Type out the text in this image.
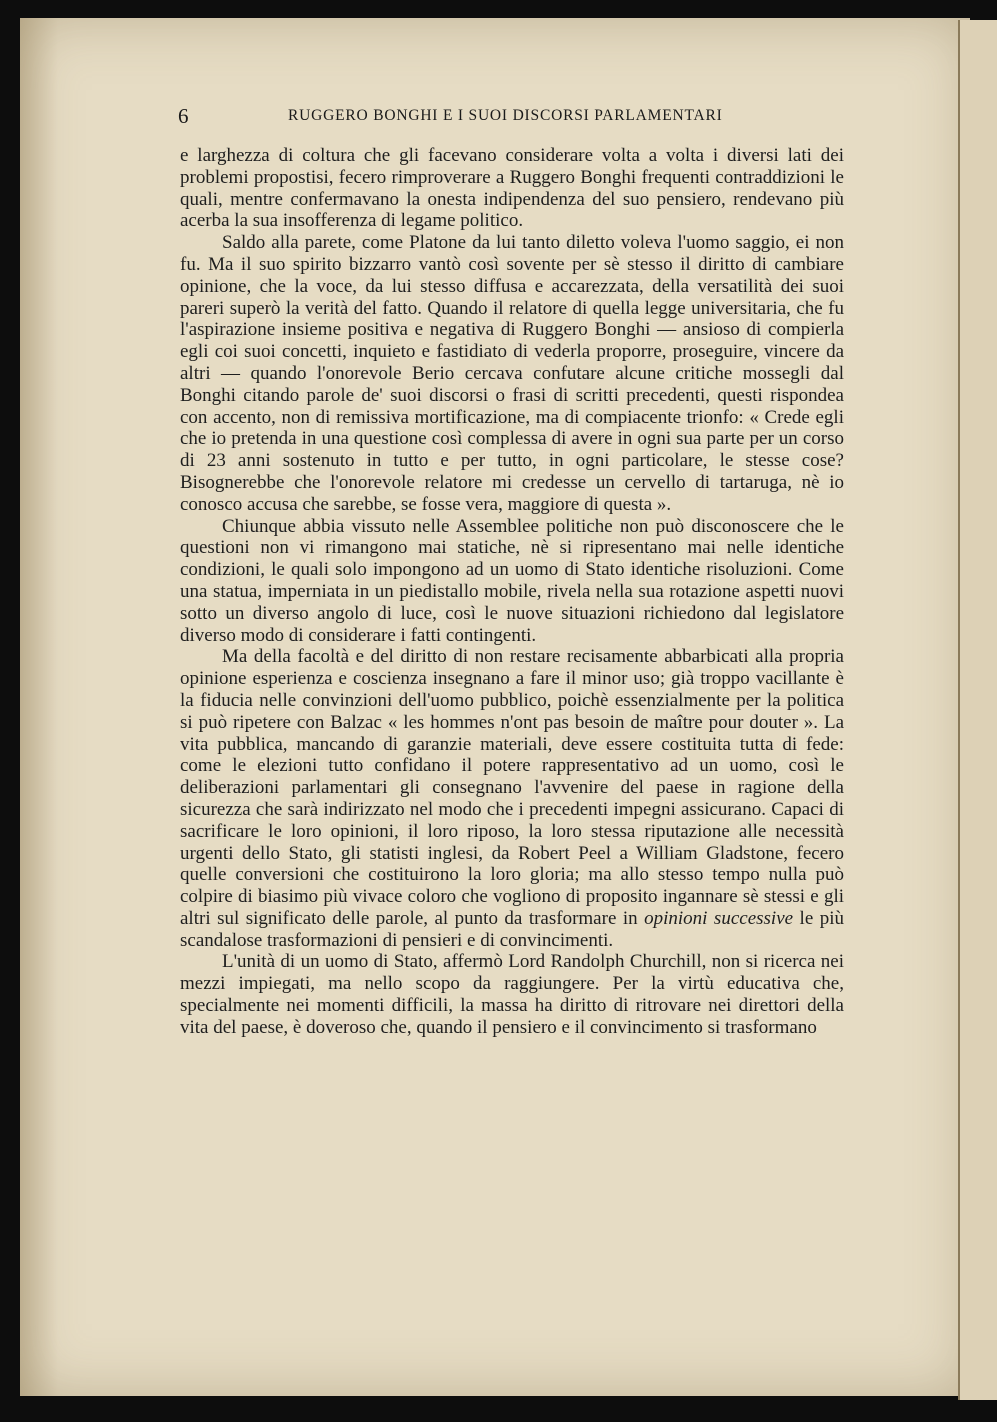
6	RUGGERO BONGHI E I SUOI DISCORSI PARLAMENTARI

e larghezza di coltura che gli facevano considerare volta a volta i diversi lati dei problemi propostisi, fecero rimproverare a Ruggero Bonghi frequenti contraddizioni le quali, mentre confermavano la onesta indipendenza del suo pensiero, rendevano più acerba la sua insofferenza di legame politico.

Saldo alla parete, come Platone da lui tanto diletto voleva l'uomo saggio, ei non fu. Ma il suo spirito bizzarro vantò così sovente per sè stesso il diritto di cambiare opinione, che la voce, da lui stesso diffusa e accarezzata, della versatilità dei suoi pareri superò la verità del fatto. Quando il relatore di quella legge universitaria, che fu l'aspirazione insieme positiva e negativa di Ruggero Bonghi — ansioso di compierla egli coi suoi concetti, inquieto e fastidiato di vederla proporre, proseguire, vincere da altri — quando l'onorevole Berio cercava confutare alcune critiche mossegli dal Bonghi citando parole de' suoi discorsi o frasi di scritti precedenti, questi rispondea con accento, non di remissiva mortificazione, ma di compiacente trionfo: « Crede egli che io pretenda in una questione così complessa di avere in ogni sua parte per un corso di 23 anni sostenuto in tutto e per tutto, in ogni particolare, le stesse cose? Bisognerebbe che l'onorevole relatore mi credesse un cervello di tartaruga, nè io conosco accusa che sarebbe, se fosse vera, maggiore di questa ».

Chiunque abbia vissuto nelle Assemblee politiche non può disconoscere che le questioni non vi rimangono mai statiche, nè si ripresentano mai nelle identiche condizioni, le quali solo impongono ad un uomo di Stato identiche risoluzioni. Come una statua, imperniata in un piedistallo mobile, rivela nella sua rotazione aspetti nuovi sotto un diverso angolo di luce, così le nuove situazioni richiedono dal legislatore diverso modo di considerare i fatti contingenti.

Ma della facoltà e del diritto di non restare recisamente abbarbicati alla propria opinione esperienza e coscienza insegnano a fare il minor uso; già troppo vacillante è la fiducia nelle convinzioni dell'uomo pubblico, poichè essenzialmente per la politica si può ripetere con Balzac « les hommes n'ont pas besoin de maître pour douter ». La vita pubblica, mancando di garanzie materiali, deve essere costituita tutta di fede: come le elezioni tutto confidano il potere rappresentativo ad un uomo, così le deliberazioni parlamentari gli consegnano l'avvenire del paese in ragione della sicurezza che sarà indirizzato nel modo che i precedenti impegni assicurano. Capaci di sacrificare le loro opinioni, il loro riposo, la loro stessa riputazione alle necessità urgenti dello Stato, gli statisti inglesi, da Robert Peel a William Gladstone, fecero quelle conversioni che costituirono la loro gloria; ma allo stesso tempo nulla può colpire di biasimo più vivace coloro che vogliono di proposito ingannare sè stessi e gli altri sul significato delle parole, al punto da trasformare in opinioni successive le più scandalose trasformazioni di pensieri e di convincimenti.

L'unità di un uomo di Stato, affermò Lord Randolph Churchill, non si ricerca nei mezzi impiegati, ma nello scopo da raggiungere. Per la virtù educativa che, specialmente nei momenti difficili, la massa ha diritto di ritrovare nei direttori della vita del paese, è doveroso che, quando il pensiero e il convincimento si trasformano
